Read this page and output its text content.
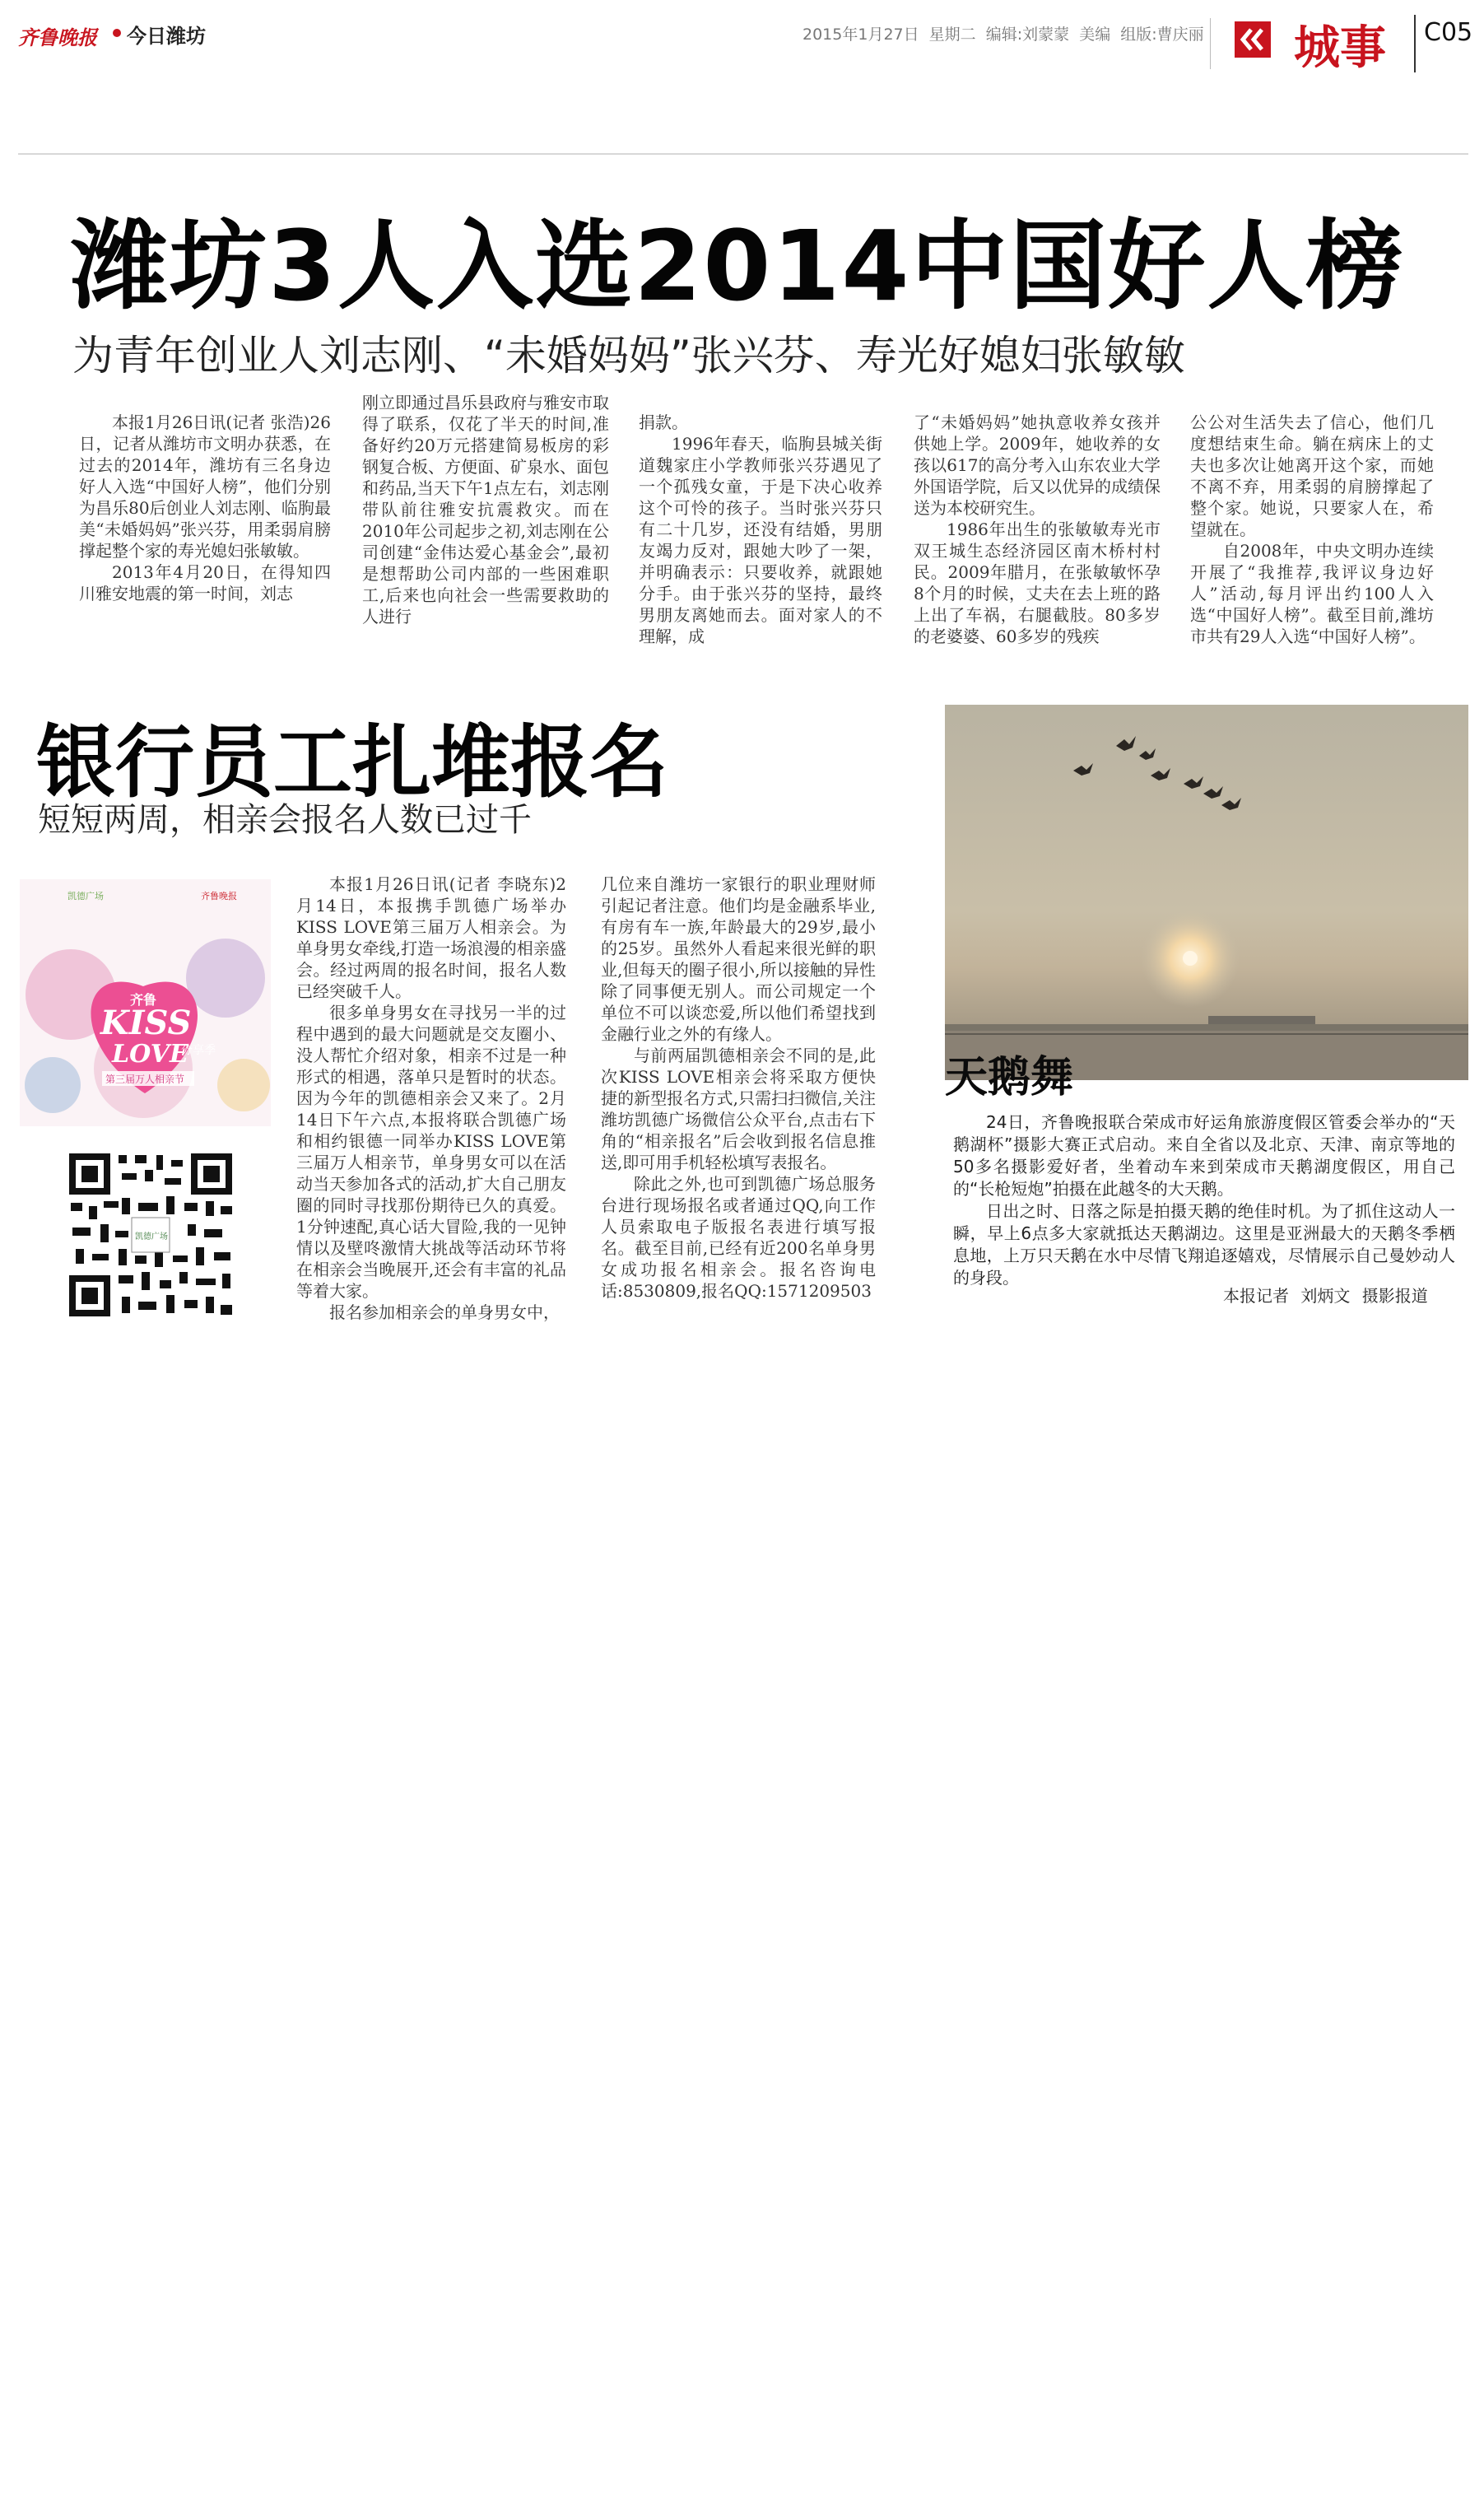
齐鲁晚报	今日潍坊	2015年1月27日 星期二 编辑:刘蒙蒙 美编 组版:曹庆丽 城事 C05
潍坊3人入选2014中国好人榜
为青年创业人刘志刚、“未婚妈妈”张兴芬、寿光好媳妇张敏敏

本报1月26日讯(记者 张浩)26日，记者从潍坊市文明办获悉，在过去的2014年，潍坊有三名身边好人入选“中国好人榜”，他们分别为昌乐80后创业人刘志刚、临朐最美“未婚妈妈”张兴芬，用柔弱肩膀撑起整个家的寿光媳妇张敏敏。

2013年4月20日，在得知四川雅安地震的第一时间，刘志

刚立即通过昌乐县政府与雅安市取得了联系，仅花了半天的时间,准备好约20万元搭建简易板房的彩钢复合板、方便面、矿泉水、面包和药品,当天下午1点左右，刘志刚带队前往雅安抗震救灾。而在2010年公司起步之初,刘志刚在公司创建“金伟达爱心基金会”,最初是想帮助公司内部的一些困难职工,后来也向社会一些需要救助的人进行

捐款。

1996年春天，临朐县城关街道魏家庄小学教师张兴芬遇见了一个孤残女童，于是下决心收养这个可怜的孩子。当时张兴芬只有二十几岁，还没有结婚，男朋友竭力反对，跟她大吵了一架，并明确表示：只要收养，就跟她分手。由于张兴芬的坚持，最终男朋友离她而去。面对家人的不理解，成

了“未婚妈妈”她执意收养女孩并供她上学。2009年，她收养的女孩以617的高分考入山东农业大学外国语学院，后又以优异的成绩保送为本校研究生。

1986年出生的张敏敏寿光市双王城生态经济园区南木桥村村民。2009年腊月，在张敏敏怀孕8个月的时候，丈夫在去上班的路上出了车祸，右腿截肢。80多岁的老婆婆、60多岁的残疾

公公对生活失去了信心，他们几度想结束生命。躺在病床上的丈夫也多次让她离开这个家，而她不离不弃，用柔弱的肩膀撑起了整个家。她说，只要家人在，希望就在。

自2008年，中央文明办连续开展了“我推荐,我评议身边好人”活动,每月评出约100人入选“中国好人榜”。截至目前,潍坊市共有29人入选“中国好人榜”。

银行员工扎堆报名
短短两周，相亲会报名人数已过千
凯德广场	齐鲁晚报
齐鲁
KISS
LOVE
分享季
第三届万人相亲节
凯德广场

本报1月26日讯(记者 李晓东)2月14日，本报携手凯德广场举办KISS LOVE第三届万人相亲会。为单身男女牵线,打造一场浪漫的相亲盛会。经过两周的报名时间，报名人数已经突破千人。

很多单身男女在寻找另一半的过程中遇到的最大问题就是交友圈小、没人帮忙介绍对象，相亲不过是一种形式的相遇，落单只是暂时的状态。因为今年的凯德相亲会又来了。2月14日下午六点,本报将联合凯德广场和相约银德一同举办KISS LOVE第三届万人相亲节，单身男女可以在活动当天参加各式的活动,扩大自己朋友圈的同时寻找那份期待已久的真爱。1分钟速配,真心话大冒险,我的一见钟情以及壁咚激情大挑战等活动环节将在相亲会当晚展开,还会有丰富的礼品等着大家。

报名参加相亲会的单身男女中，

几位来自潍坊一家银行的职业理财师引起记者注意。他们均是金融系毕业,有房有车一族,年龄最大的29岁,最小的25岁。虽然外人看起来很光鲜的职业,但每天的圈子很小,所以接触的异性除了同事便无别人。而公司规定一个单位不可以谈恋爱,所以他们希望找到金融行业之外的有缘人。

与前两届凯德相亲会不同的是,此次KISS LOVE相亲会将采取方便快捷的新型报名方式,只需扫扫微信,关注潍坊凯德广场微信公众平台,点击右下角的“相亲报名”后会收到报名信息推送,即可用手机轻松填写表报名。

除此之外,也可到凯德广场总服务台进行现场报名或者通过QQ,向工作人员索取电子版报名表进行填写报名。截至目前,已经有近200名单身男女成功报名相亲会。报名咨询电话:8530809,报名QQ:1571209503

天鹅舞

24日，齐鲁晚报联合荣成市好运角旅游度假区管委会举办的“天鹅湖杯”摄影大赛正式启动。来自全省以及北京、天津、南京等地的50多名摄影爱好者，坐着动车来到荣成市天鹅湖度假区，用自己的“长枪短炮”拍摄在此越冬的大天鹅。

日出之时、日落之际是拍摄天鹅的绝佳时机。为了抓住这动人一瞬，早上6点多大家就抵达天鹅湖边。这里是亚洲最大的天鹅冬季栖息地，上万只天鹅在水中尽情飞翔追逐嬉戏，尽情展示自己曼妙动人的身段。

本报记者 刘炳文 摄影报道
